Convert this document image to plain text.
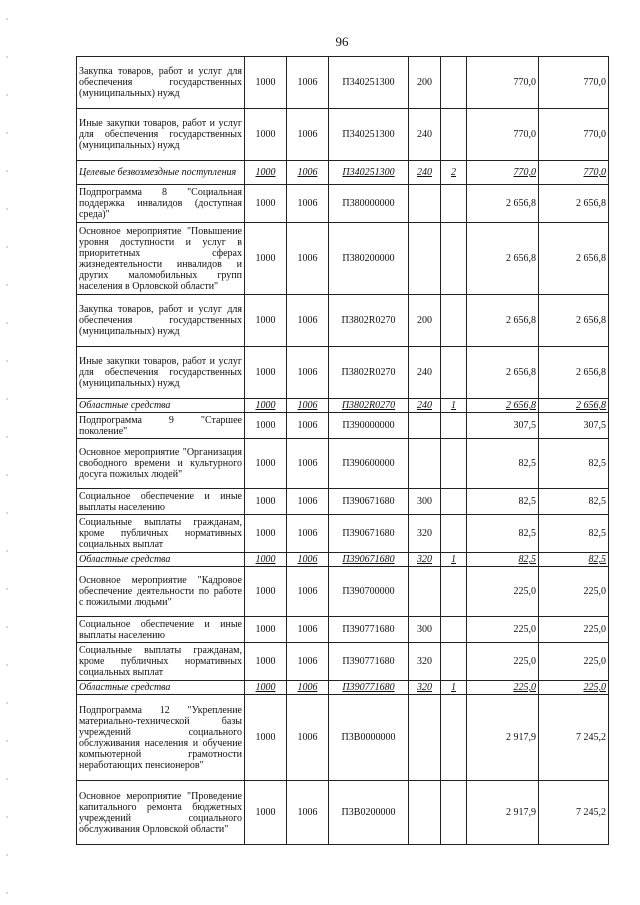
96
Закупка товаров, работ и услуг для обеспечения государственных (муниципальных) нужд	1000	1006	П340251300	200		770,0	770,0
Иные закупки товаров, работ и услуг для обеспечения государственных (муниципальных) нужд	1000	1006	П340251300	240		770,0	770,0
Целевые безвозмездные поступления	1000	1006	П340251300	240	2	770,0	770,0
Подпрограмма 8 "Социальная поддержка инвалидов (доступная среда)"	1000	1006	П380000000			2 656,8	2 656,8
Основное мероприятие "Повышение уровня доступности и услуг в приоритетных сферах жизнедеятельности инвалидов и других маломобильных групп населения в Орловской области"	1000	1006	П380200000			2 656,8	2 656,8
Закупка товаров, работ и услуг для обеспечения государственных (муниципальных) нужд	1000	1006	П3802R0270	200		2 656,8	2 656,8
Иные закупки товаров, работ и услуг для обеспечения государственных (муниципальных) нужд	1000	1006	П3802R0270	240		2 656,8	2 656,8
Областные средства	1000	1006	П3802R0270	240	1	2 656,8	2 656,8
Подпрограмма 9 "Старшее поколение"	1000	1006	П390000000			307,5	307,5
Основное мероприятие "Организация свободного времени и культурного досуга пожилых людей"	1000	1006	П390600000			82,5	82,5
Социальное обеспечение и иные выплаты населению	1000	1006	П390671680	300		82,5	82,5
Социальные выплаты гражданам, кроме публичных нормативных социальных выплат	1000	1006	П390671680	320		82,5	82,5
Областные средства	1000	1006	П390671680	320	1	82,5	82,5
Основное мероприятие "Кадровое обеспечение деятельности по работе с пожилыми людьми"	1000	1006	П390700000			225,0	225,0
Социальное обеспечение и иные выплаты населению	1000	1006	П390771680	300		225,0	225,0
Социальные выплаты гражданам, кроме публичных нормативных социальных выплат	1000	1006	П390771680	320		225,0	225,0
Областные средства	1000	1006	П390771680	320	1	225,0	225,0
Подпрограмма 12 "Укрепление материально-технической базы учреждений социального обслуживания населения и обучение компьютерной грамотности неработающих пенсионеров"	1000	1006	П3В0000000			2 917,9	7 245,2
Основное мероприятие "Проведение капитального ремонта бюджетных учреждений социального обслуживания Орловской области"	1000	1006	П3В0200000			2 917,9	7 245,2
